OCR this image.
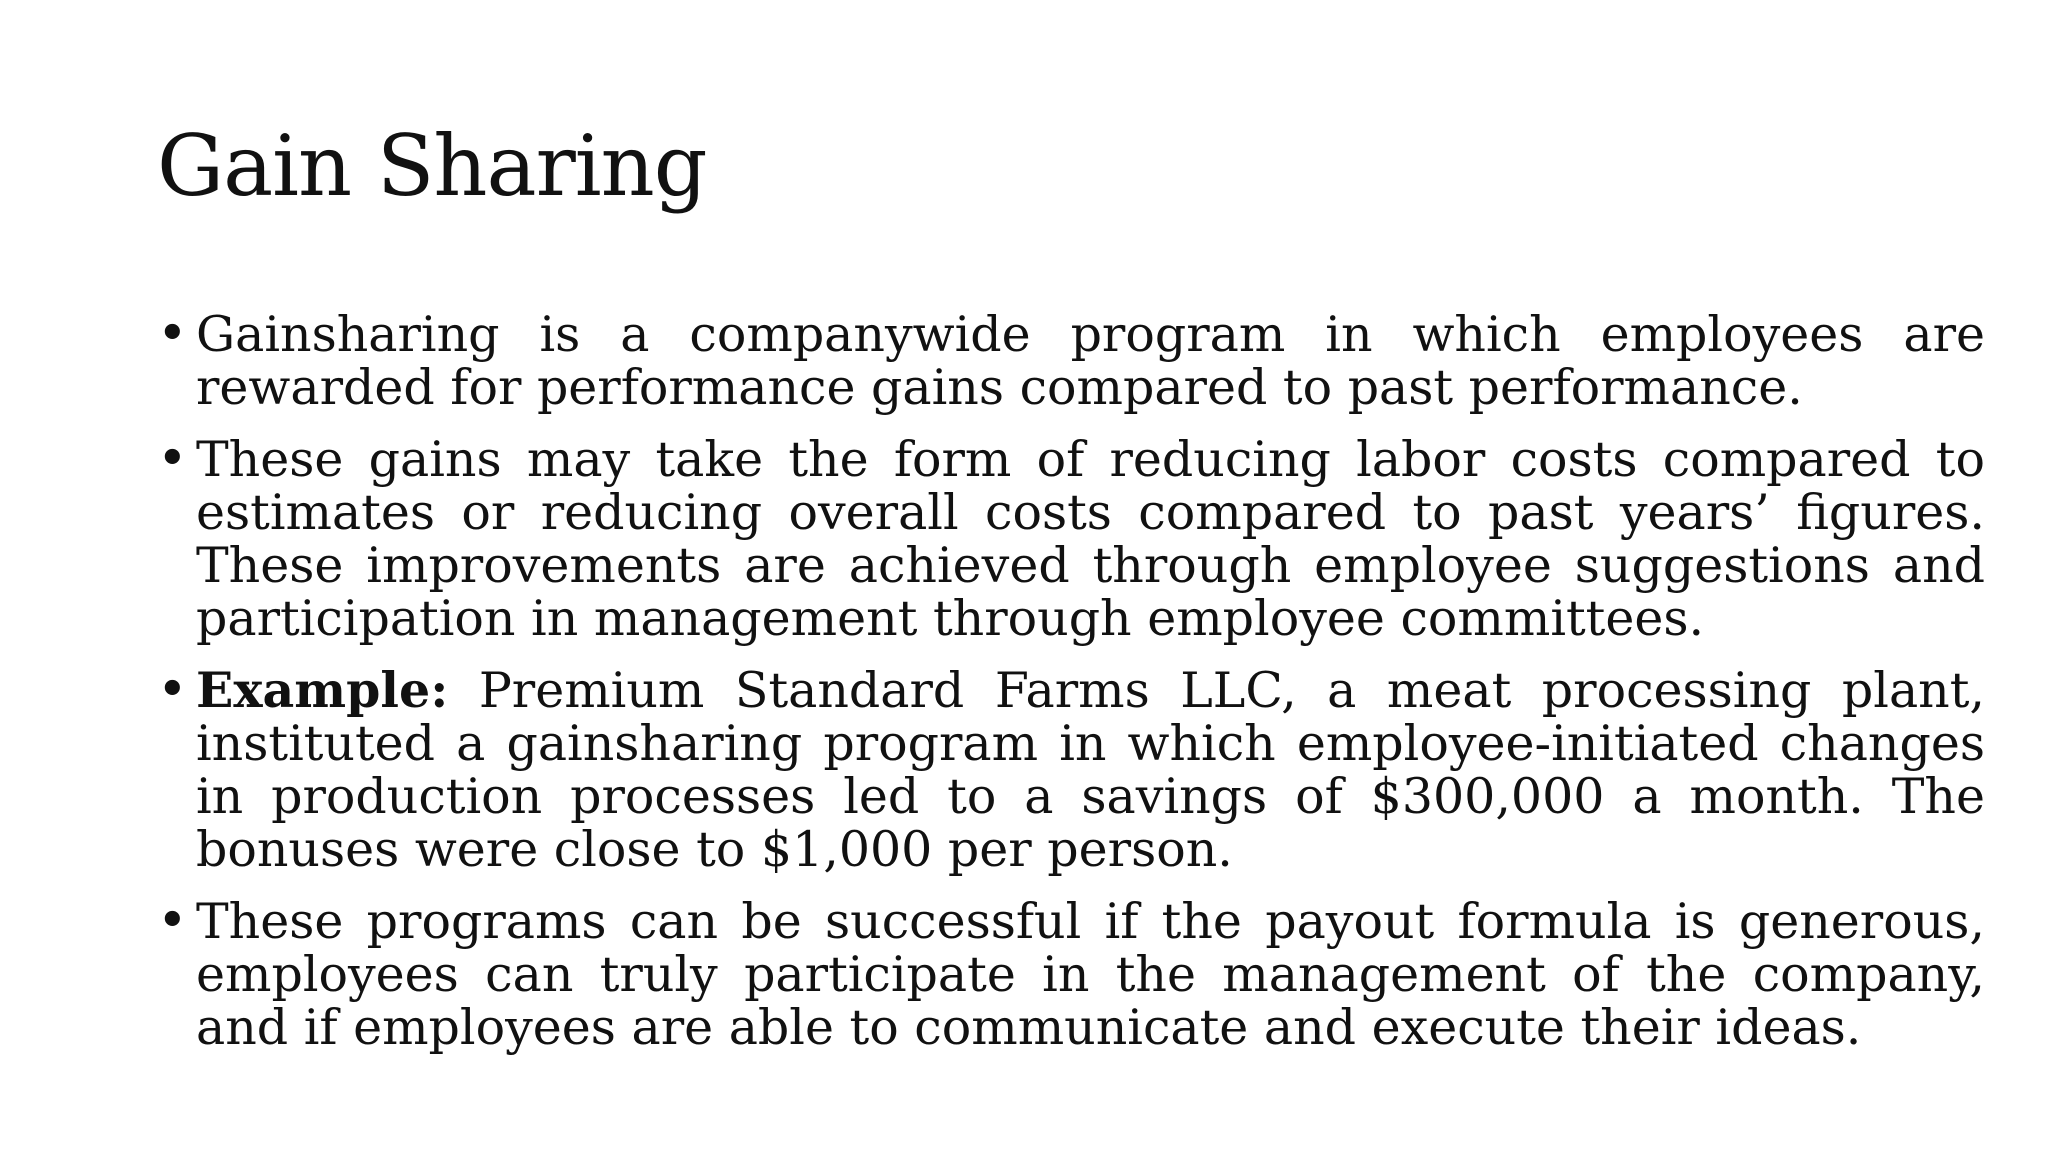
Gain Sharing
• Gainsharing is a companywide program in which employees are rewarded for performance gains compared to past performance.
• These gains may take the form of reducing labor costs compared to estimates or reducing overall costs compared to past years’ figures. These improvements are achieved through employee suggestions and participation in management through employee committees.
• Example: Premium Standard Farms LLC, a meat processing plant, instituted a gainsharing program in which employee-initiated changes in production processes led to a savings of $300,000 a month. The bonuses were close to $1,000 per person.
• These programs can be successful if the payout formula is generous, employees can truly participate in the management of the company, and if employees are able to communicate and execute their ideas.
